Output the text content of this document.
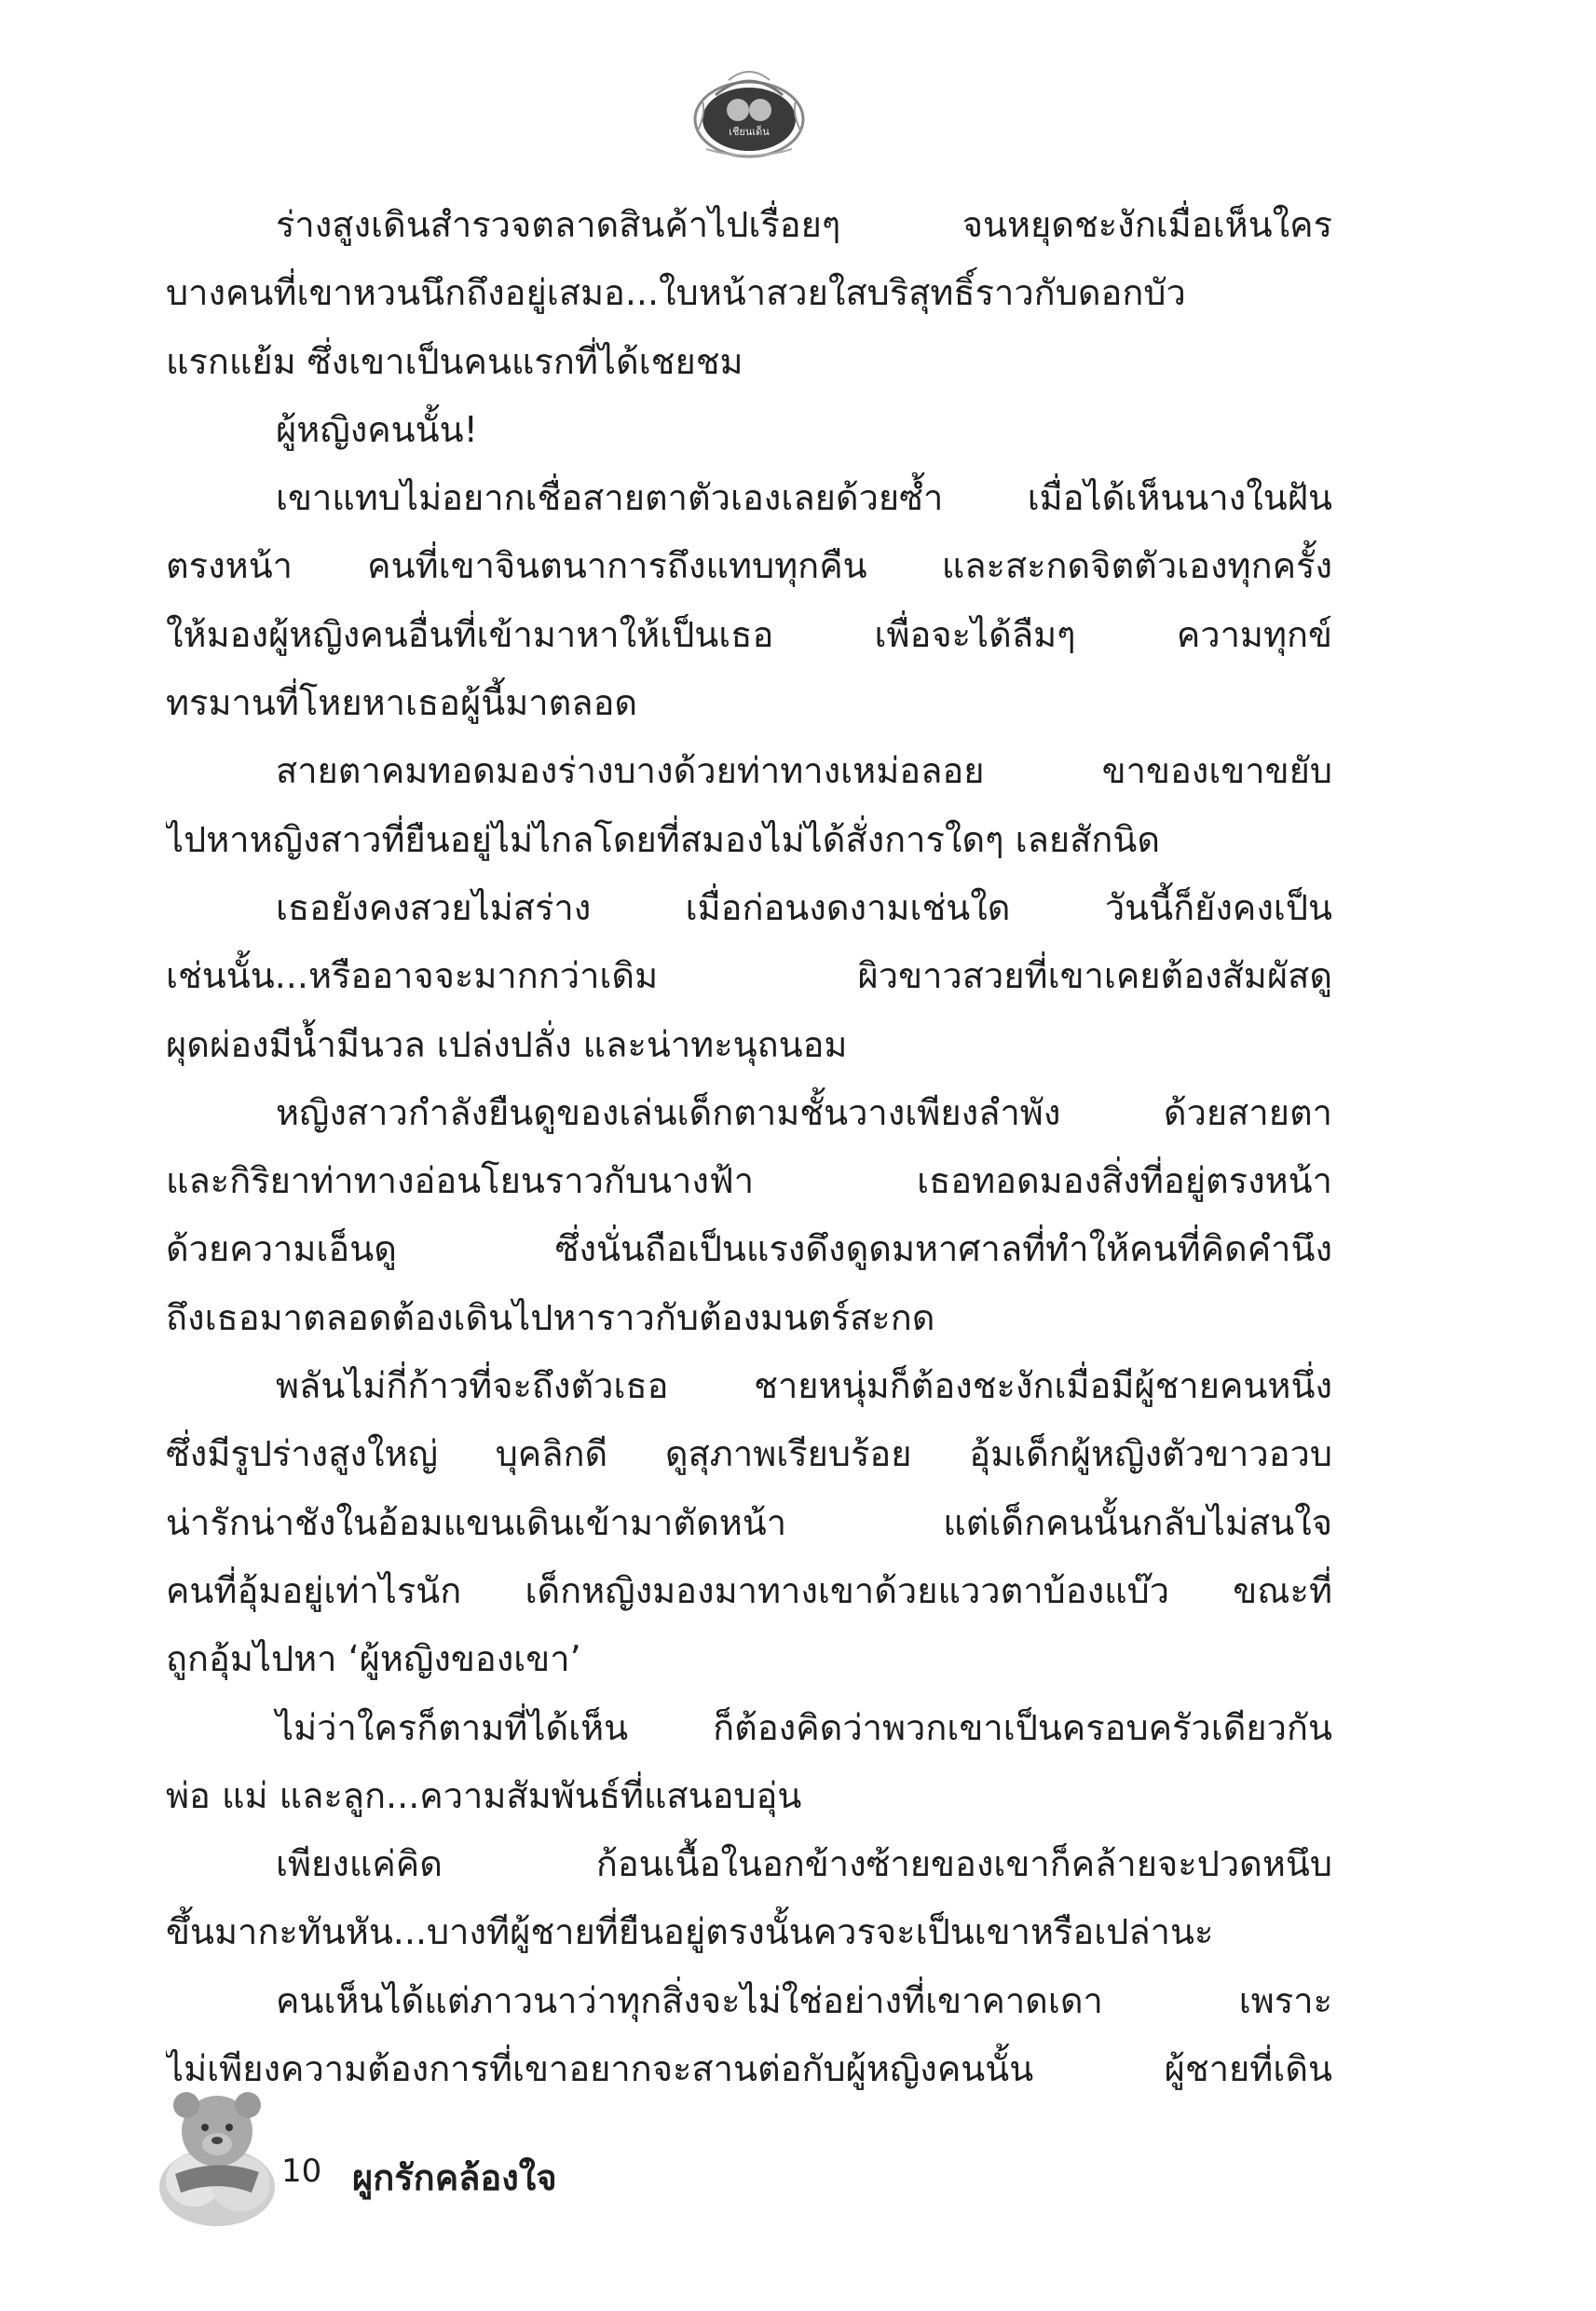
เชียนเด็น
ร่างสูงเดินสำรวจตลาดสินค้าไปเรื่อยๆ จนหยุดชะงักเมื่อเห็นใคร
บางคนที่เขาหวนนึกถึงอยู่เสมอ...ใบหน้าสวยใสบริสุทธิ์ราวกับดอกบัว
แรกแย้ม ซึ่งเขาเป็นคนแรกที่ได้เชยชม
ผู้หญิงคนนั้น!
เขาแทบไม่อยากเชื่อสายตาตัวเองเลยด้วยซ้ำ เมื่อได้เห็นนางในฝัน
ตรงหน้า คนที่เขาจินตนาการถึงแทบทุกคืน และสะกดจิตตัวเองทุกครั้ง
ให้มองผู้หญิงคนอื่นที่เข้ามาหาให้เป็นเธอ เพื่อจะได้ลืมๆ ความทุกข์
ทรมานที่โหยหาเธอผู้นี้มาตลอด
สายตาคมทอดมองร่างบางด้วยท่าทางเหม่อลอย ขาของเขาขยับ
ไปหาหญิงสาวที่ยืนอยู่ไม่ไกลโดยที่สมองไม่ได้สั่งการใดๆ เลยสักนิด
เธอยังคงสวยไม่สร่าง เมื่อก่อนงดงามเช่นใด วันนี้ก็ยังคงเป็น
เช่นนั้น...หรืออาจจะมากกว่าเดิม ผิวขาวสวยที่เขาเคยต้องสัมผัสดู
ผุดผ่องมีน้ำมีนวล เปล่งปลั่ง และน่าทะนุถนอม
หญิงสาวกำลังยืนดูของเล่นเด็กตามชั้นวางเพียงลำพัง ด้วยสายตา
และกิริยาท่าทางอ่อนโยนราวกับนางฟ้า เธอทอดมองสิ่งที่อยู่ตรงหน้า
ด้วยความเอ็นดู ซึ่งนั่นถือเป็นแรงดึงดูดมหาศาลที่ทำให้คนที่คิดคำนึง
ถึงเธอมาตลอดต้องเดินไปหาราวกับต้องมนตร์สะกด
พลันไม่กี่ก้าวที่จะถึงตัวเธอ ชายหนุ่มก็ต้องชะงักเมื่อมีผู้ชายคนหนึ่ง
ซึ่งมีรูปร่างสูงใหญ่ บุคลิกดี ดูสุภาพเรียบร้อย อุ้มเด็กผู้หญิงตัวขาวอวบ
น่ารักน่าชังในอ้อมแขนเดินเข้ามาตัดหน้า แต่เด็กคนนั้นกลับไม่สนใจ
คนที่อุ้มอยู่เท่าไรนัก เด็กหญิงมองมาทางเขาด้วยแววตาบ้องแบ๊ว ขณะที่
ถูกอุ้มไปหา ‘ผู้หญิงของเขา’
ไม่ว่าใครก็ตามที่ได้เห็น ก็ต้องคิดว่าพวกเขาเป็นครอบครัวเดียวกัน
พ่อ แม่ และลูก...ความสัมพันธ์ที่แสนอบอุ่น
เพียงแค่คิด ก้อนเนื้อในอกข้างซ้ายของเขาก็คล้ายจะปวดหนึบ
ขึ้นมากะทันหัน...บางทีผู้ชายที่ยืนอยู่ตรงนั้นควรจะเป็นเขาหรือเปล่านะ
คนเห็นได้แต่ภาวนาว่าทุกสิ่งจะไม่ใช่อย่างที่เขาคาดเดา เพราะ
ไม่เพียงความต้องการที่เขาอยากจะสานต่อกับผู้หญิงคนนั้น ผู้ชายที่เดิน
10 ผูกรักคล้องใจ
